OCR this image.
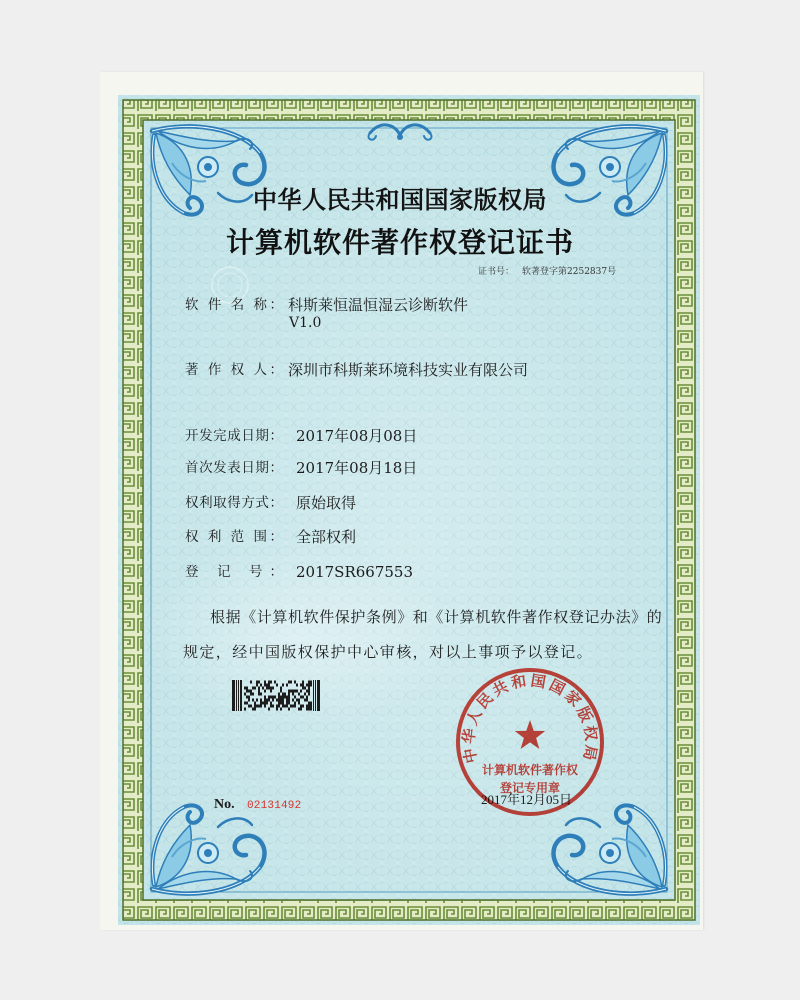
中华人民共和国国家版权局
计算机软件著作权登记证书
证书号： 软著登字第2252837号
软 件 名 称： 科斯莱恒温恒湿云诊断软件
V1.0
著 作 权 人： 深圳市科斯莱环境科技实业有限公司
开发完成日期： 2017年08月08日
首次发表日期： 2017年08月18日
权利取得方式： 原始取得
权 利 范 围： 全部权利
登 记 号： 2017SR667553
根据《计算机软件保护条例》和《计算机软件著作权登记办法》的
规定，经中国版权保护中心审核，对以上事项予以登记。
No. 02131492	2017年12月05日
中华人民共和国国家版权局
计算机软件著作权
登记专用章
